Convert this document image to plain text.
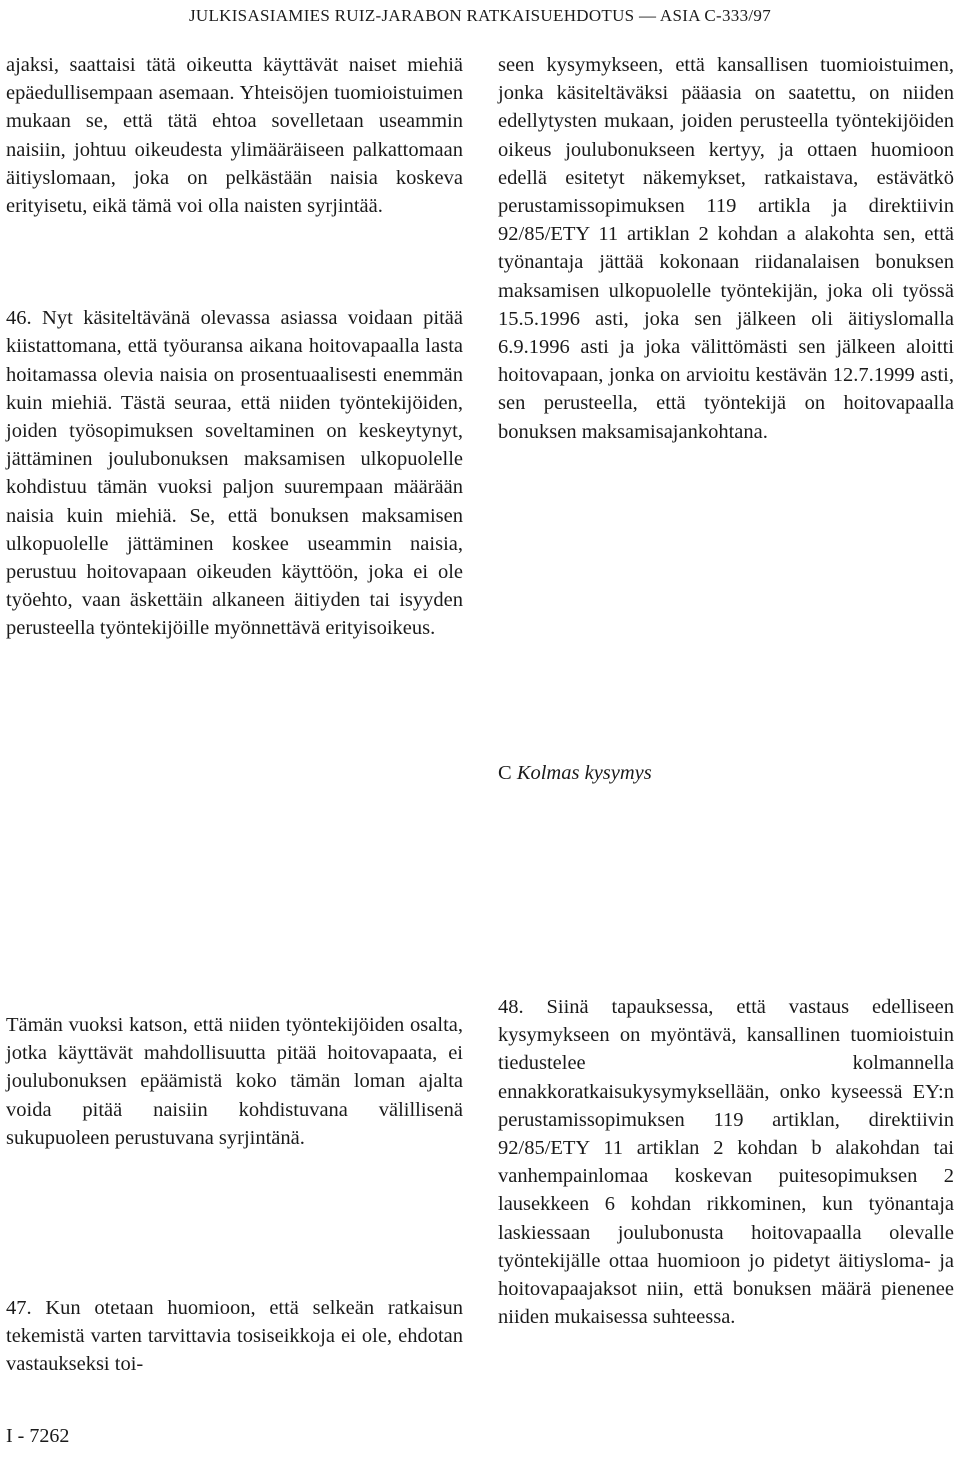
JULKISASIAMIES RUIZ-JARABON RATKAISUEHDOTUS — ASIA C-333/97

ajaksi, saattaisi tätä oikeutta käyttävät naiset miehiä epäedullisempaan asemaan. Yhteisöjen tuomioistuimen mukaan se, että tätä ehtoa sovelletaan useammin naisiin, johtuu oikeudesta ylimääräiseen palkattomaan äitiyslomaan, joka on pelkästään naisia koskeva erityisetu, eikä tämä voi olla naisten syrjintää.

46. Nyt käsiteltävänä olevassa asiassa voidaan pitää kiistattomana, että työuransa aikana hoitovapaalla lasta hoitamassa olevia naisia on prosentuaalisesti enemmän kuin miehiä. Tästä seuraa, että niiden työntekijöiden, joiden työsopimuksen soveltaminen on keskeytynyt, jättäminen joulubonuksen maksamisen ulkopuolelle kohdistuu tämän vuoksi paljon suurempaan määrään naisia kuin miehiä. Se, että bonuksen maksamisen ulkopuolelle jättäminen koskee useammin naisia, perustuu hoitovapaan oikeuden käyttöön, joka ei ole työehto, vaan äskettäin alkaneen äitiyden tai isyyden perusteella työntekijöille myönnettävä erityisoikeus.

seen kysymykseen, että kansallisen tuomioistuimen, jonka käsiteltäväksi pääasia on saatettu, on niiden edellytysten mukaan, joiden perusteella työntekijöiden oikeus joulubonukseen kertyy, ja ottaen huomioon edellä esitetyt näkemykset, ratkaistava, estävätkö perustamissopimuksen 119 artikla ja direktiivin 92/85/ETY 11 artiklan 2 kohdan a alakohta sen, että työnantaja jättää kokonaan riidanalaisen bonuksen maksamisen ulkopuolelle työntekijän, joka oli työssä 15.5.1996 asti, joka sen jälkeen oli äitiyslomalla 6.9.1996 asti ja joka välittömästi sen jälkeen aloitti hoitovapaan, jonka on arvioitu kestävän 12.7.1999 asti, sen perusteella, että työntekijä on hoitovapaalla bonuksen maksamisajankohtana.

C Kolmas kysymys

Tämän vuoksi katson, että niiden työntekijöiden osalta, jotka käyttävät mahdollisuutta pitää hoitovapaata, ei joulubonuksen epäämistä koko tämän loman ajalta voida pitää naisiin kohdistuvana välillisenä sukupuoleen perustuvana syrjintänä.

47. Kun otetaan huomioon, että selkeän ratkaisun tekemistä varten tarvittavia tosiseikkoja ei ole, ehdotan vastaukseksi toi-

48. Siinä tapauksessa, että vastaus edelliseen kysymykseen on myöntävä, kansallinen tuomioistuin tiedustelee kolmannella ennakkoratkaisukysymyksellään, onko kyseessä EY:n perustamissopimuksen 119 artiklan, direktiivin 92/85/ETY 11 artiklan 2 kohdan b alakohdan tai vanhempainlomaa koskevan puitesopimuksen 2 lausekkeen 6 kohdan rikkominen, kun työnantaja laskiessaan joulubonusta hoitovapaalla olevalle työntekijälle ottaa huomioon jo pidetyt äitiysloma- ja hoitovapaajaksot niin, että bonuksen määrä pienenee niiden mukaisessa suhteessa.

I - 7262
